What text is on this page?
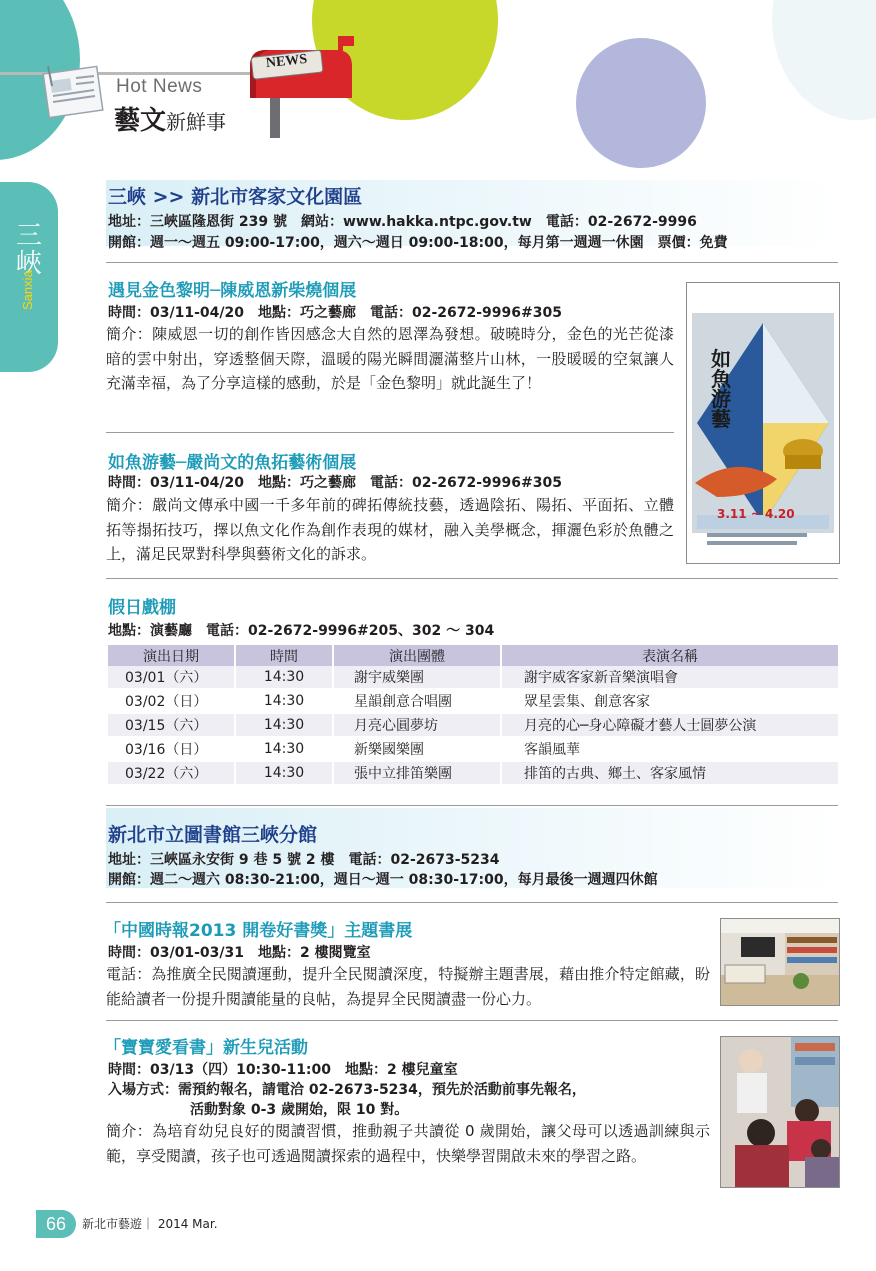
Hot News
藝文新鮮事
NEWS
三峽
Sanxia
三峽 >> 新北市客家文化園區
地址：三峽區隆恩街 239 號　網站：www.hakka.ntpc.gov.tw　電話：02-2672-9996
開館：週一～週五 09:00-17:00，週六～週日 09:00-18:00，每月第一週週一休園　票價：免費
遇見金色黎明─陳威恩新柴燒個展
時間：03/11-04/20　地點：巧之藝廊　電話：02-2672-9996#305
簡介：陳威恩一切的創作皆因感念大自然的恩澤為發想。破曉時分，金色的光芒從漆暗的雲中射出，穿透整個天際，溫暖的陽光瞬間灑滿整片山林，一股暖暖的空氣讓人充滿幸福，為了分享這樣的感動，於是「金色黎明」就此誕生了！
如魚游藝─嚴尚文的魚拓藝術個展
時間：03/11-04/20　地點：巧之藝廊　電話：02-2672-9996#305
簡介：嚴尚文傳承中國一千多年前的碑拓傳統技藝，透過陰拓、陽拓、平面拓、立體拓等搨拓技巧，擇以魚文化作為創作表現的媒材，融入美學概念，揮灑色彩於魚體之上，滿足民眾對科學與藝術文化的訴求。
如魚游藝
3.11 ~ 4.20
假日戲棚
地點：演藝廳　電話：02-2672-9996#205、302 ～ 304
演出日期	時間	演出團體	表演名稱
03/01（六）	14:30	謝宇威樂團	謝宇威客家新音樂演唱會
03/02（日）	14:30	星韻創意合唱團	眾星雲集、創意客家
03/15（六）	14:30	月亮心圓夢坊	月亮的心─身心障礙才藝人士圓夢公演
03/16（日）	14:30	新樂國樂團	客韻風華
03/22（六）	14:30	張中立排笛樂團	排笛的古典、鄉土、客家風情
新北市立圖書館三峽分館
地址：三峽區永安街 9 巷 5 號 2 樓　電話：02-2673-5234
開館：週二～週六 08:30-21:00，週日～週一 08:30-17:00，每月最後一週週四休館
「中國時報2013 開卷好書獎」主題書展
時間：03/01-03/31　地點：2 樓閱覽室
電話：為推廣全民閱讀運動，提升全民閱讀深度，特擬辦主題書展，藉由推介特定館藏，盼能給讀者一份提升閱讀能量的良帖，為提昇全民閱讀盡一份心力。
「寶寶愛看書」新生兒活動
時間：03/13（四）10:30-11:00　地點：2 樓兒童室
入場方式：需預約報名，請電洽 02-2673-5234，預先於活動前事先報名，
活動對象 0-3 歲開始，限 10 對。
簡介：為培育幼兒良好的閱讀習慣，推動親子共讀從 0 歲開始，讓父母可以透過訓練與示範，享受閱讀，孩子也可透過閱讀探索的過程中，快樂學習開啟未來的學習之路。
66	新北市藝遊｜ 2014 Mar.
